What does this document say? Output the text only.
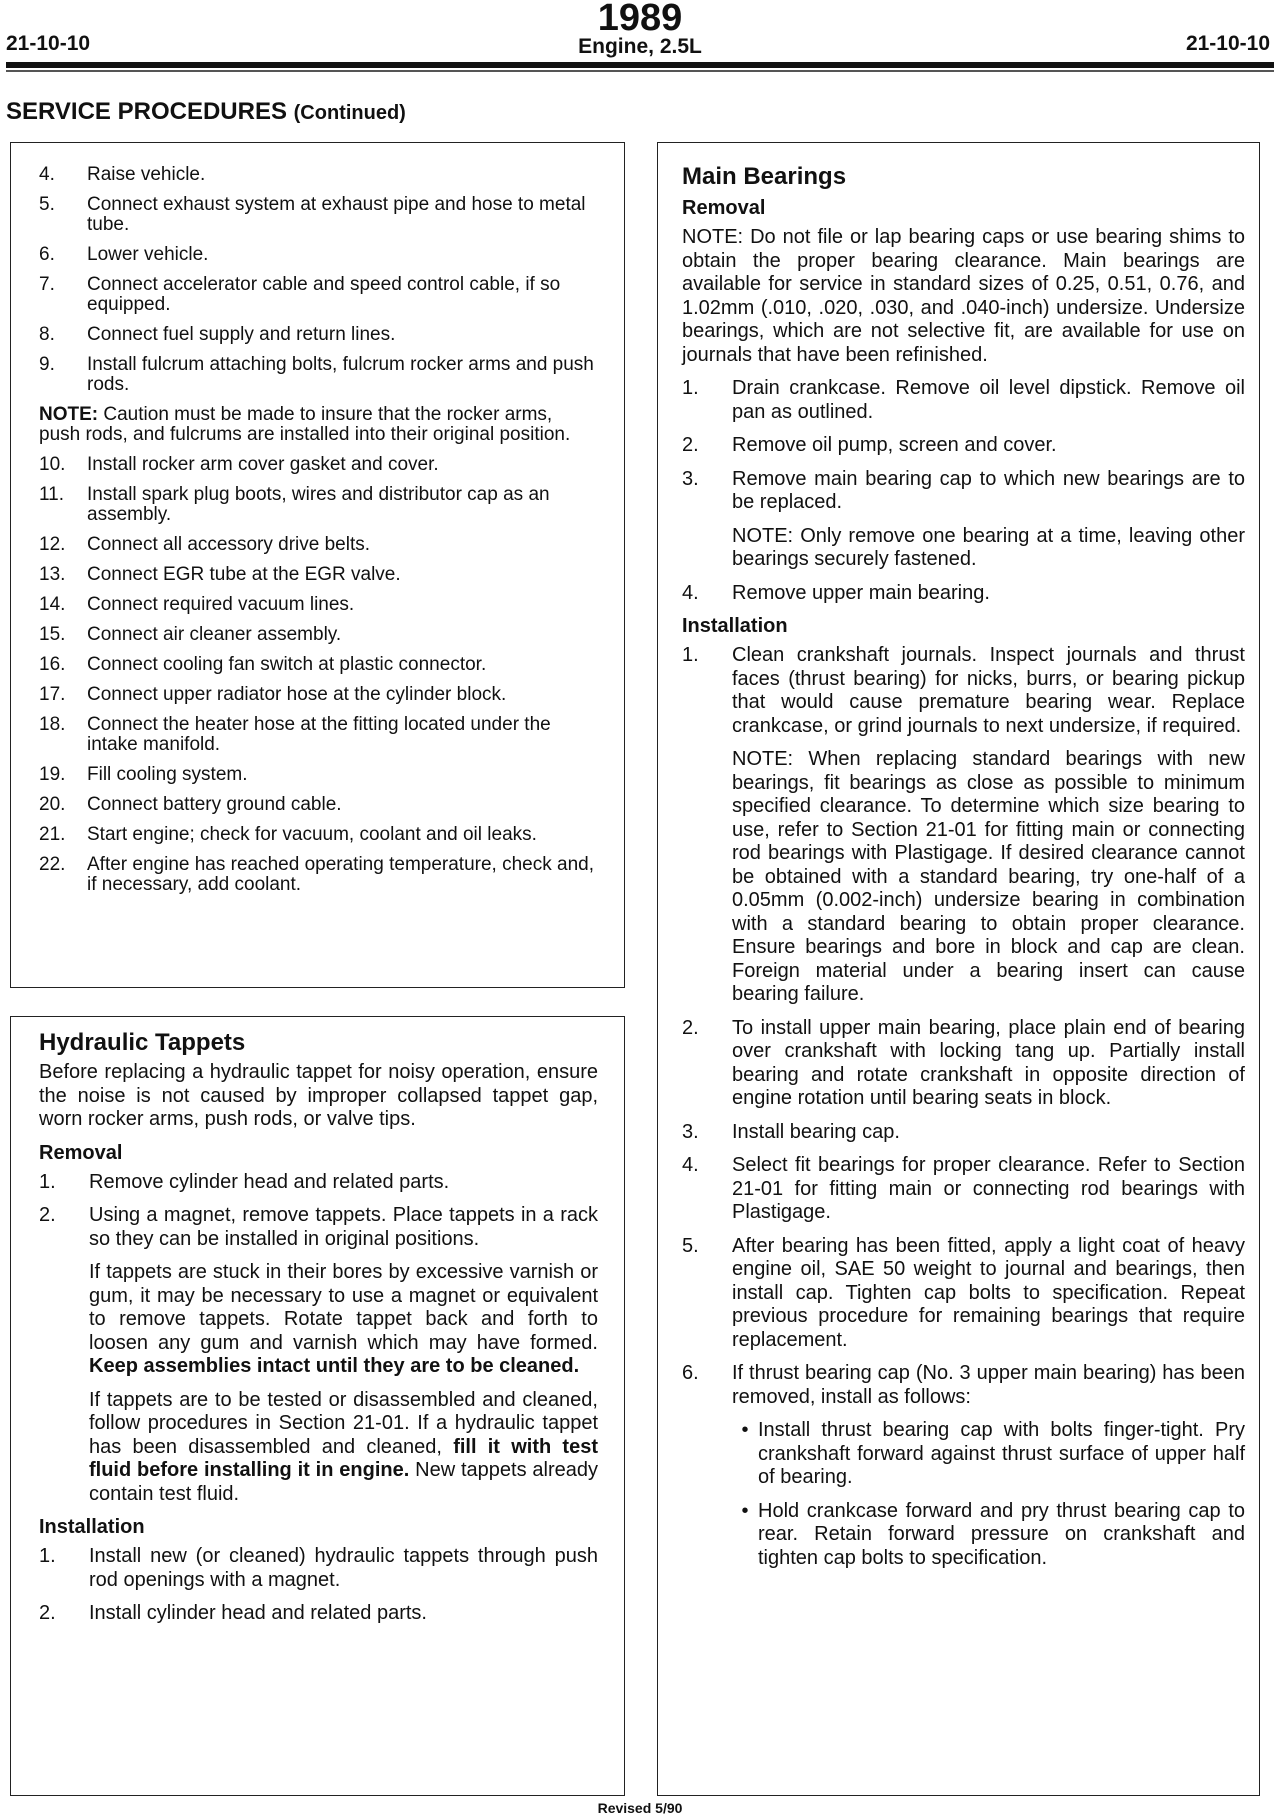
21-10-10
1989
Engine, 2.5L	21-10-10
SERVICE PROCEDURES (Continued)
4.	Raise vehicle.
5.	Connect exhaust system at exhaust pipe and hose to metal tube.
6.	Lower vehicle.
7.	Connect accelerator cable and speed control cable, if so equipped.
8.	Connect fuel supply and return lines.
9.	Install fulcrum attaching bolts, fulcrum rocker arms and push rods.
NOTE: Caution must be made to insure that the rocker arms, push rods, and fulcrums are installed into their original position.
10.	Install rocker arm cover gasket and cover.
11.	Install spark plug boots, wires and distributor cap as an assembly.
12.	Connect all accessory drive belts.
13.	Connect EGR tube at the EGR valve.
14.	Connect required vacuum lines.
15.	Connect air cleaner assembly.
16.	Connect cooling fan switch at plastic connector.
17.	Connect upper radiator hose at the cylinder block.
18.	Connect the heater hose at the fitting located under the intake manifold.
19.	Fill cooling system.
20.	Connect battery ground cable.
21.	Start engine; check for vacuum, coolant and oil leaks.
22.	After engine has reached operating temperature, check and, if necessary, add coolant.
Hydraulic Tappets
Before replacing a hydraulic tappet for noisy operation, ensure the noise is not caused by improper collapsed tappet gap, worn rocker arms, push rods, or valve tips.
Removal
1.	Remove cylinder head and related parts.
2.	Using a magnet, remove tappets. Place tappets in a rack so they can be installed in original positions.
If tappets are stuck in their bores by excessive varnish or gum, it may be necessary to use a magnet or equivalent to remove tappets. Rotate tappet back and forth to loosen any gum and varnish which may have formed. Keep assemblies intact until they are to be cleaned.
If tappets are to be tested or disassembled and cleaned, follow procedures in Section 21-01. If a hydraulic tappet has been disassembled and cleaned, fill it with test fluid before installing it in engine. New tappets already contain test fluid.
Installation
1.	Install new (or cleaned) hydraulic tappets through push rod openings with a magnet.
2.	Install cylinder head and related parts.
Main Bearings
Removal
NOTE: Do not file or lap bearing caps or use bearing shims to obtain the proper bearing clearance. Main bearings are available for service in standard sizes of 0.25, 0.51, 0.76, and 1.02mm (.010, .020, .030, and .040-inch) undersize. Undersize bearings, which are not selective fit, are available for use on journals that have been refinished.
1.	Drain crankcase. Remove oil level dipstick. Remove oil pan as outlined.
2.	Remove oil pump, screen and cover.
3.	Remove main bearing cap to which new bearings are to be replaced.
NOTE: Only remove one bearing at a time, leaving other bearings securely fastened.
4.	Remove upper main bearing.
Installation
1.	Clean crankshaft journals. Inspect journals and thrust faces (thrust bearing) for nicks, burrs, or bearing pickup that would cause premature bearing wear. Replace crankcase, or grind journals to next undersize, if required.
NOTE: When replacing standard bearings with new bearings, fit bearings as close as possible to minimum specified clearance. To determine which size bearing to use, refer to Section 21-01 for fitting main or connecting rod bearings with Plastigage. If desired clearance cannot be obtained with a standard bearing, try one-half of a 0.05mm (0.002-inch) undersize bearing in combination with a standard bearing to obtain proper clearance. Ensure bearings and bore in block and cap are clean. Foreign material under a bearing insert can cause bearing failure.
2.	To install upper main bearing, place plain end of bearing over crankshaft with locking tang up. Partially install bearing and rotate crankshaft in opposite direction of engine rotation until bearing seats in block.
3.	Install bearing cap.
4.	Select fit bearings for proper clearance. Refer to Section 21-01 for fitting main or connecting rod bearings with Plastigage.
5.	After bearing has been fitted, apply a light coat of heavy engine oil, SAE 50 weight to journal and bearings, then install cap. Tighten cap bolts to specification. Repeat previous procedure for remaining bearings that require replacement.
6.	If thrust bearing cap (No. 3 upper main bearing) has been removed, install as follows:
• Install thrust bearing cap with bolts finger-tight. Pry crankshaft forward against thrust surface of upper half of bearing.
• Hold crankcase forward and pry thrust bearing cap to rear. Retain forward pressure on crankshaft and tighten cap bolts to specification.
Revised 5/90
